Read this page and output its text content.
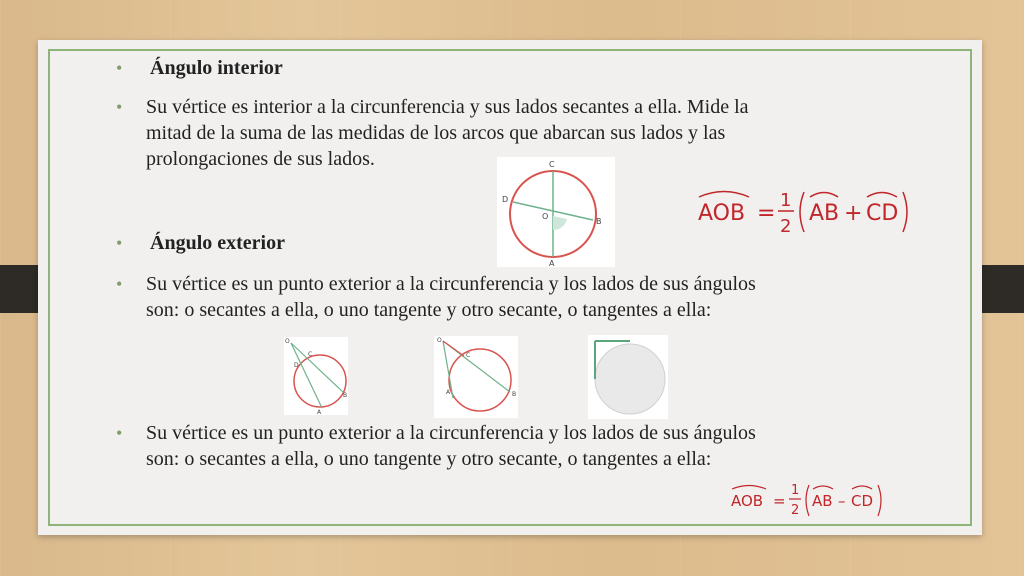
• Ángulo interior
• Su vértice es interior a la circunferencia y sus lados secantes a ella. Mide la
mitad de la suma de las medidas de los arcos que abarcan sus lados y las
prolongaciones de sus lados.	C
D
O
B
A
AOB =
1
2
AB + CD
• Ángulo exterior
• Su vértice es un punto exterior a la circunferencia y los lados de sus ángulos
son: o secantes a ella, o uno tangente y otro secante, o tangentes a ella:
O
C
D
B
A
O
C
A	B
• Su vértice es un punto exterior a la circunferencia y los lados de sus ángulos
son: o secantes a ella, o uno tangente y otro secante, o tangentes a ella:
AOB =
1
2
AB – CD
